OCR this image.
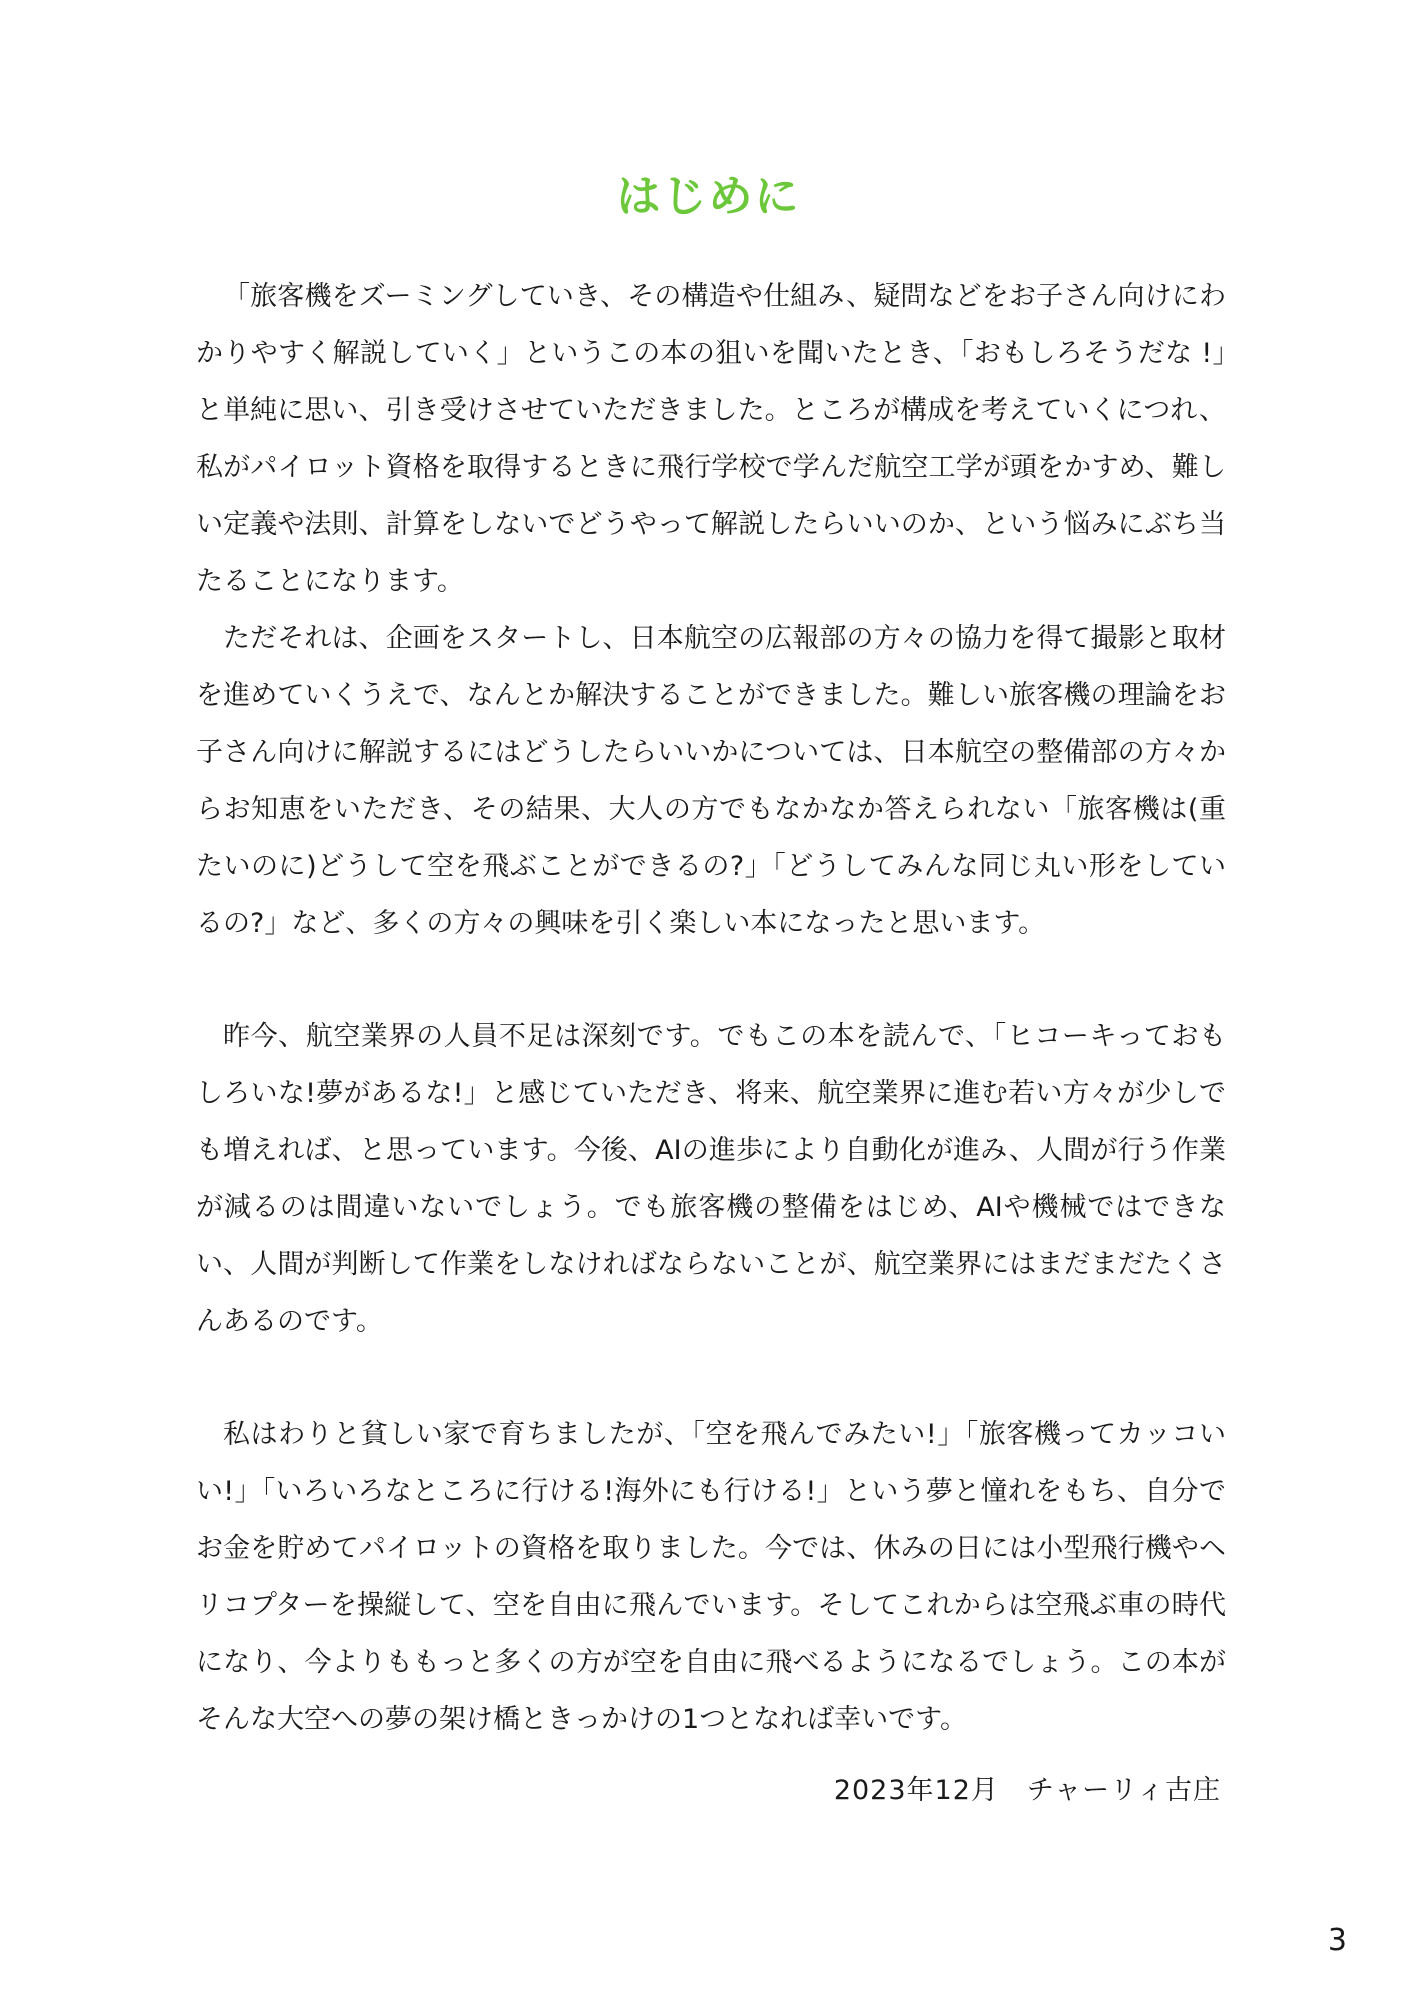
はじめに

「旅客機をズーミングしていき、その構造や仕組み、疑問などをお子さん向けにわかりやすく解説していく」というこの本の狙いを聞いたとき、「おもしろそうだな !」と単純に思い、引き受けさせていただきました。ところが構成を考えていくにつれ、私がパイロット資格を取得するときに飛行学校で学んだ航空工学が頭をかすめ、難しい定義や法則、計算をしないでどうやって解説したらいいのか、という悩みにぶち当たることになります。

ただそれは、企画をスタートし、日本航空の広報部の方々の協力を得て撮影と取材を進めていくうえで、なんとか解決することができました。難しい旅客機の理論をお子さん向けに解説するにはどうしたらいいかについては、日本航空の整備部の方々からお知恵をいただき、その結果、大人の方でもなかなか答えられない「旅客機は(重たいのに)どうして空を飛ぶことができるの?」「どうしてみんな同じ丸い形をしているの?」など、多くの方々の興味を引く楽しい本になったと思います。

昨今、航空業界の人員不足は深刻です。でもこの本を読んで、「ヒコーキっておもしろいな!夢があるな!」と感じていただき、将来、航空業界に進む若い方々が少しでも増えれば、と思っています。今後、AIの進歩により自動化が進み、人間が行う作業が減るのは間違いないでしょう。でも旅客機の整備をはじめ、AIや機械ではできない、人間が判断して作業をしなければならないことが、航空業界にはまだまだたくさんあるのです。

私はわりと貧しい家で育ちましたが、「空を飛んでみたい!」「旅客機ってカッコいい!」「いろいろなところに行ける!海外にも行ける!」という夢と憧れをもち、自分でお金を貯めてパイロットの資格を取りました。今では、休みの日には小型飛行機やヘリコプターを操縦して、空を自由に飛んでいます。そしてこれからは空飛ぶ車の時代になり、今よりももっと多くの方が空を自由に飛べるようになるでしょう。この本がそんな大空への夢の架け橋ときっかけの1つとなれば幸いです。

2023年12月　チャーリィ古庄

3
